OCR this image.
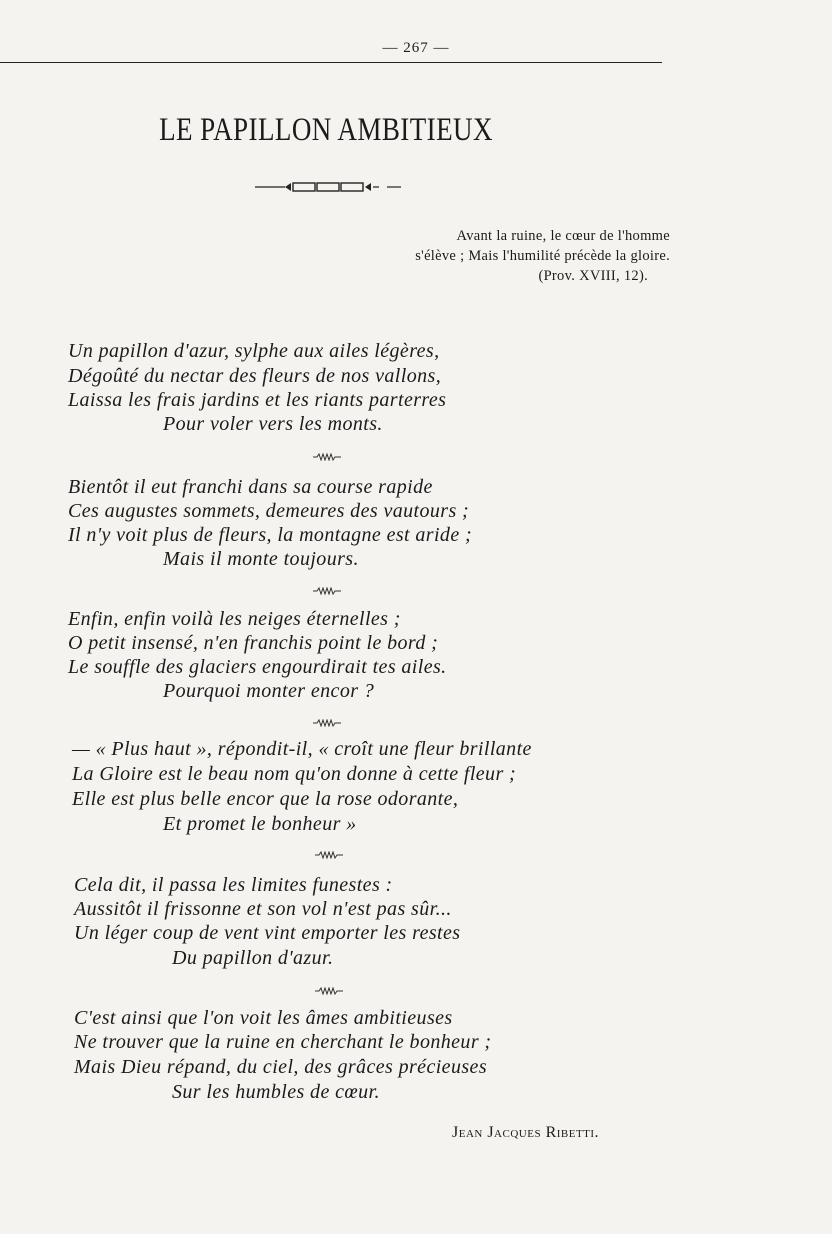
— 267 —
LE PAPILLON AMBITIEUX
Avant la ruine, le cœur de l'homme
s'élève ; Mais l'humilité précède la gloire.
(Prov. XVIII, 12).
Un papillon d'azur, sylphe aux ailes légères,
Dégoûté du nectar des fleurs de nos vallons,
Laissa les frais jardins et les riants parterres
Pour voler vers les monts.
Bientôt il eut franchi dans sa course rapide
Ces augustes sommets, demeures des vautours ;
Il n'y voit plus de fleurs, la montagne est aride ;
Mais il monte toujours.
Enfin, enfin voilà les neiges éternelles ;
O petit insensé, n'en franchis point le bord ;
Le souffle des glaciers engourdirait tes ailes.
Pourquoi monter encor ?
— « Plus haut », répondit-il, « croît une fleur brillante
La Gloire est le beau nom qu'on donne à cette fleur ;
Elle est plus belle encor que la rose odorante,
Et promet le bonheur »
Cela dit, il passa les limites funestes :
Aussitôt il frissonne et son vol n'est pas sûr...
Un léger coup de vent vint emporter les restes
Du papillon d'azur.
C'est ainsi que l'on voit les âmes ambitieuses
Ne trouver que la ruine en cherchant le bonheur ;
Mais Dieu répand, du ciel, des grâces précieuses
Sur les humbles de cœur.
Jean Jacques Ribetti.
